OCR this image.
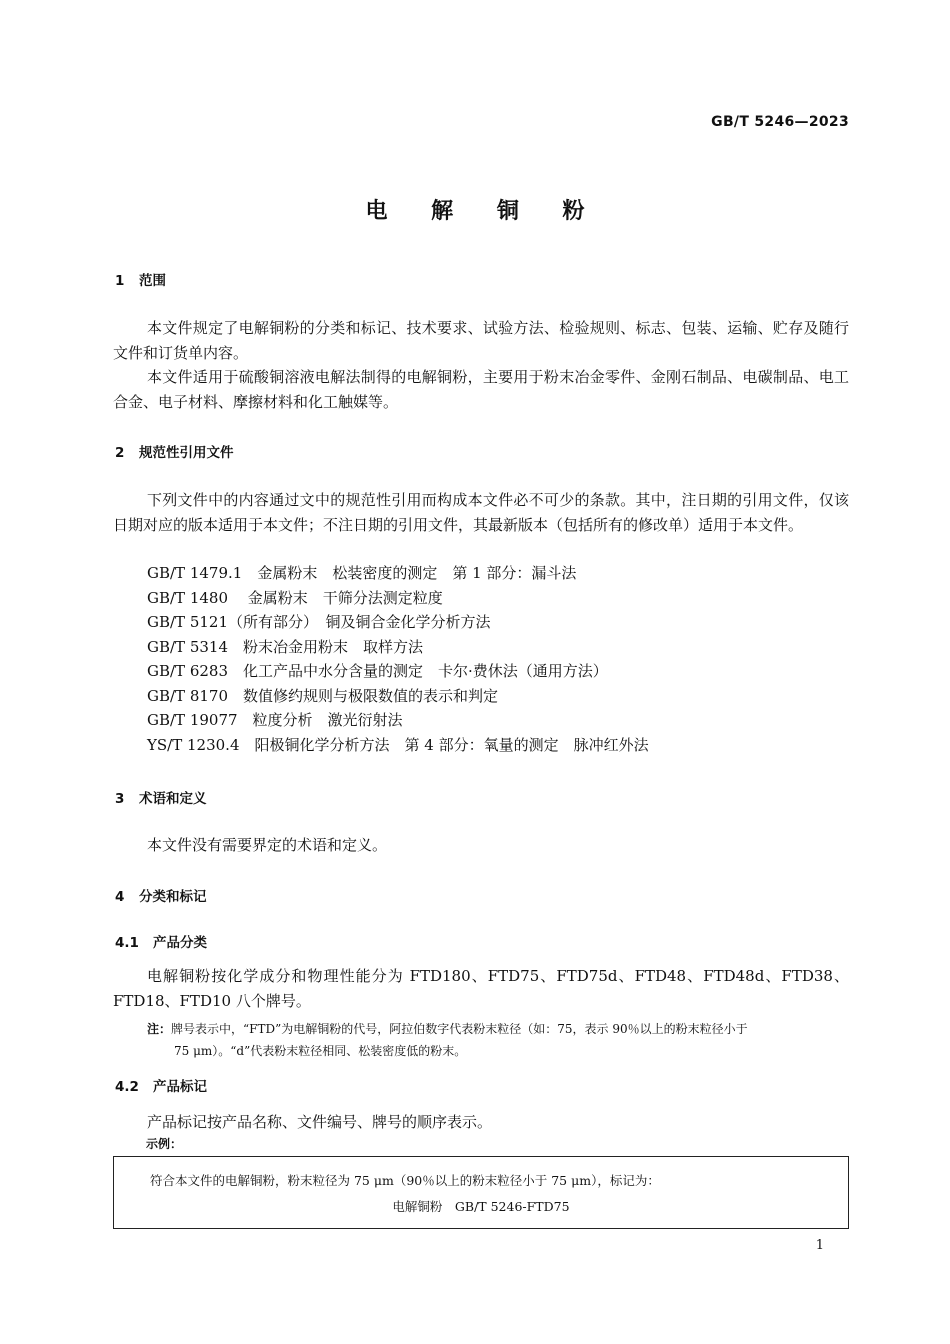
GB/T 5246—2023
电 解 铜 粉
1 范围

本文件规定了电解铜粉的分类和标记、技术要求、试验方法、检验规则、标志、包装、运输、贮存及随行文件和订货单内容。

本文件适用于硫酸铜溶液电解法制得的电解铜粉，主要用于粉末冶金零件、金刚石制品、电碳制品、电工合金、电子材料、摩擦材料和化工触媒等。

2 规范性引用文件

下列文件中的内容通过文中的规范性引用而构成本文件必不可少的条款。其中，注日期的引用文件，仅该日期对应的版本适用于本文件；不注日期的引用文件，其最新版本（包括所有的修改单）适用于本文件。

GB/T 1479.1　金属粉末　松装密度的测定　第 1 部分：漏斗法
GB/T 1480　 金属粉末　干筛分法测定粒度
GB/T 5121（所有部分）　铜及铜合金化学分析方法
GB/T 5314　粉末冶金用粉末　取样方法
GB/T 6283　化工产品中水分含量的测定　卡尔·费休法（通用方法）
GB/T 8170　数值修约规则与极限数值的表示和判定
GB/T 19077　粒度分析　激光衍射法
YS/T 1230.4　阳极铜化学分析方法　第 4 部分：氧量的测定　脉冲红外法
3 术语和定义
本文件没有需要界定的术语和定义。
4 分类和标记
4.1 产品分类

电解铜粉按化学成分和物理性能分为 FTD180、FTD75、FTD75d、FTD48、FTD48d、FTD38、FTD18、FTD10 八个牌号。

注：牌号表示中，“FTD”为电解铜粉的代号，阿拉伯数字代表粉末粒径（如：75，表示 90％以上的粉末粒径小于
75 μm）。“d”代表粉末粒径相同、松装密度低的粉末。

4.2 产品标记
产品标记按产品名称、文件编号、牌号的顺序表示。
示例：
符合本文件的电解铜粉，粉末粒径为 75 μm（90％以上的粉末粒径小于 75 μm），标记为：
电解铜粉　GB/T 5246-FTD75
1
